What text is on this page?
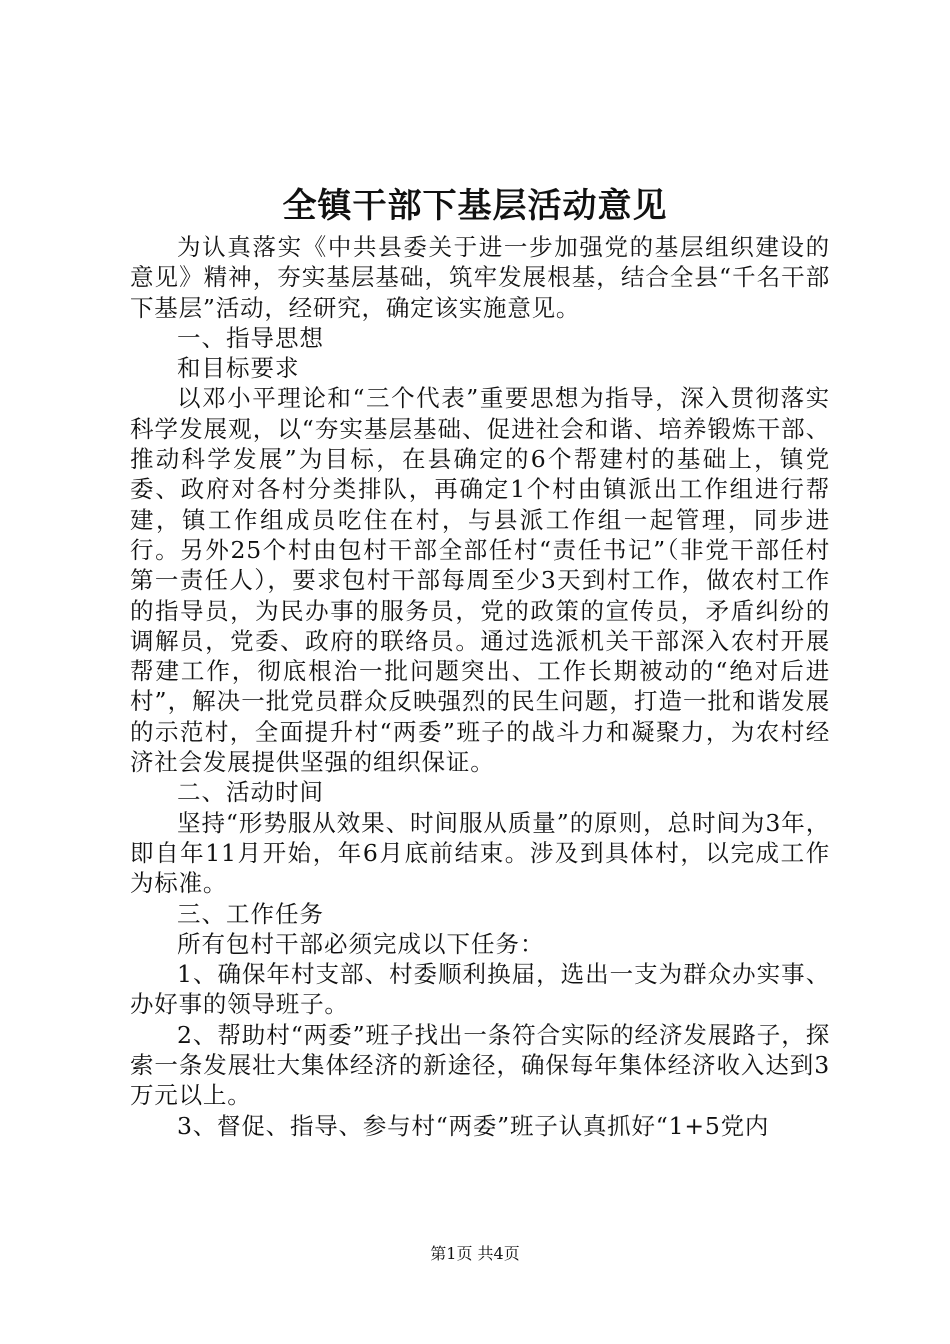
全镇干部下基层活动意见

为认真落实《中共县委关于进一步加强党的基层组织建设的意见》精神，夯实基层基础，筑牢发展根基，结合全县“千名干部下基层”活动，经研究，确定该实施意见。

一、指导思想

和目标要求

以邓小平理论和“三个代表”重要思想为指导，深入贯彻落实科学发展观，以“夯实基层基础、促进社会和谐、培养锻炼干部、推动科学发展”为目标，在县确定的6个帮建村的基础上，镇党委、政府对各村分类排队，再确定1个村由镇派出工作组进行帮建，镇工作组成员吃住在村，与县派工作组一起管理，同步进行。另外25个村由包村干部全部任村“责任书记”（非党干部任村第一责任人），要求包村干部每周至少3天到村工作，做农村工作的指导员，为民办事的服务员，党的政策的宣传员，矛盾纠纷的调解员，党委、政府的联络员。通过选派机关干部深入农村开展帮建工作，彻底根治一批问题突出、工作长期被动的“绝对后进村”，解决一批党员群众反映强烈的民生问题，打造一批和谐发展的示范村，全面提升村“两委”班子的战斗力和凝聚力，为农村经济社会发展提供坚强的组织保证。

二、活动时间

坚持“形势服从效果、时间服从质量”的原则，总时间为3年，即自年11月开始，年6月底前结束。涉及到具体村，以完成工作为标准。

三、工作任务

所有包村干部必须完成以下任务：

1、确保年村支部、村委顺利换届，选出一支为群众办实事、办好事的领导班子。

2、帮助村“两委”班子找出一条符合实际的经济发展路子，探索一条发展壮大集体经济的新途径，确保每年集体经济收入达到3万元以上。

3、督促、指导、参与村“两委”班子认真抓好“1+5党内

第1页 共4页
